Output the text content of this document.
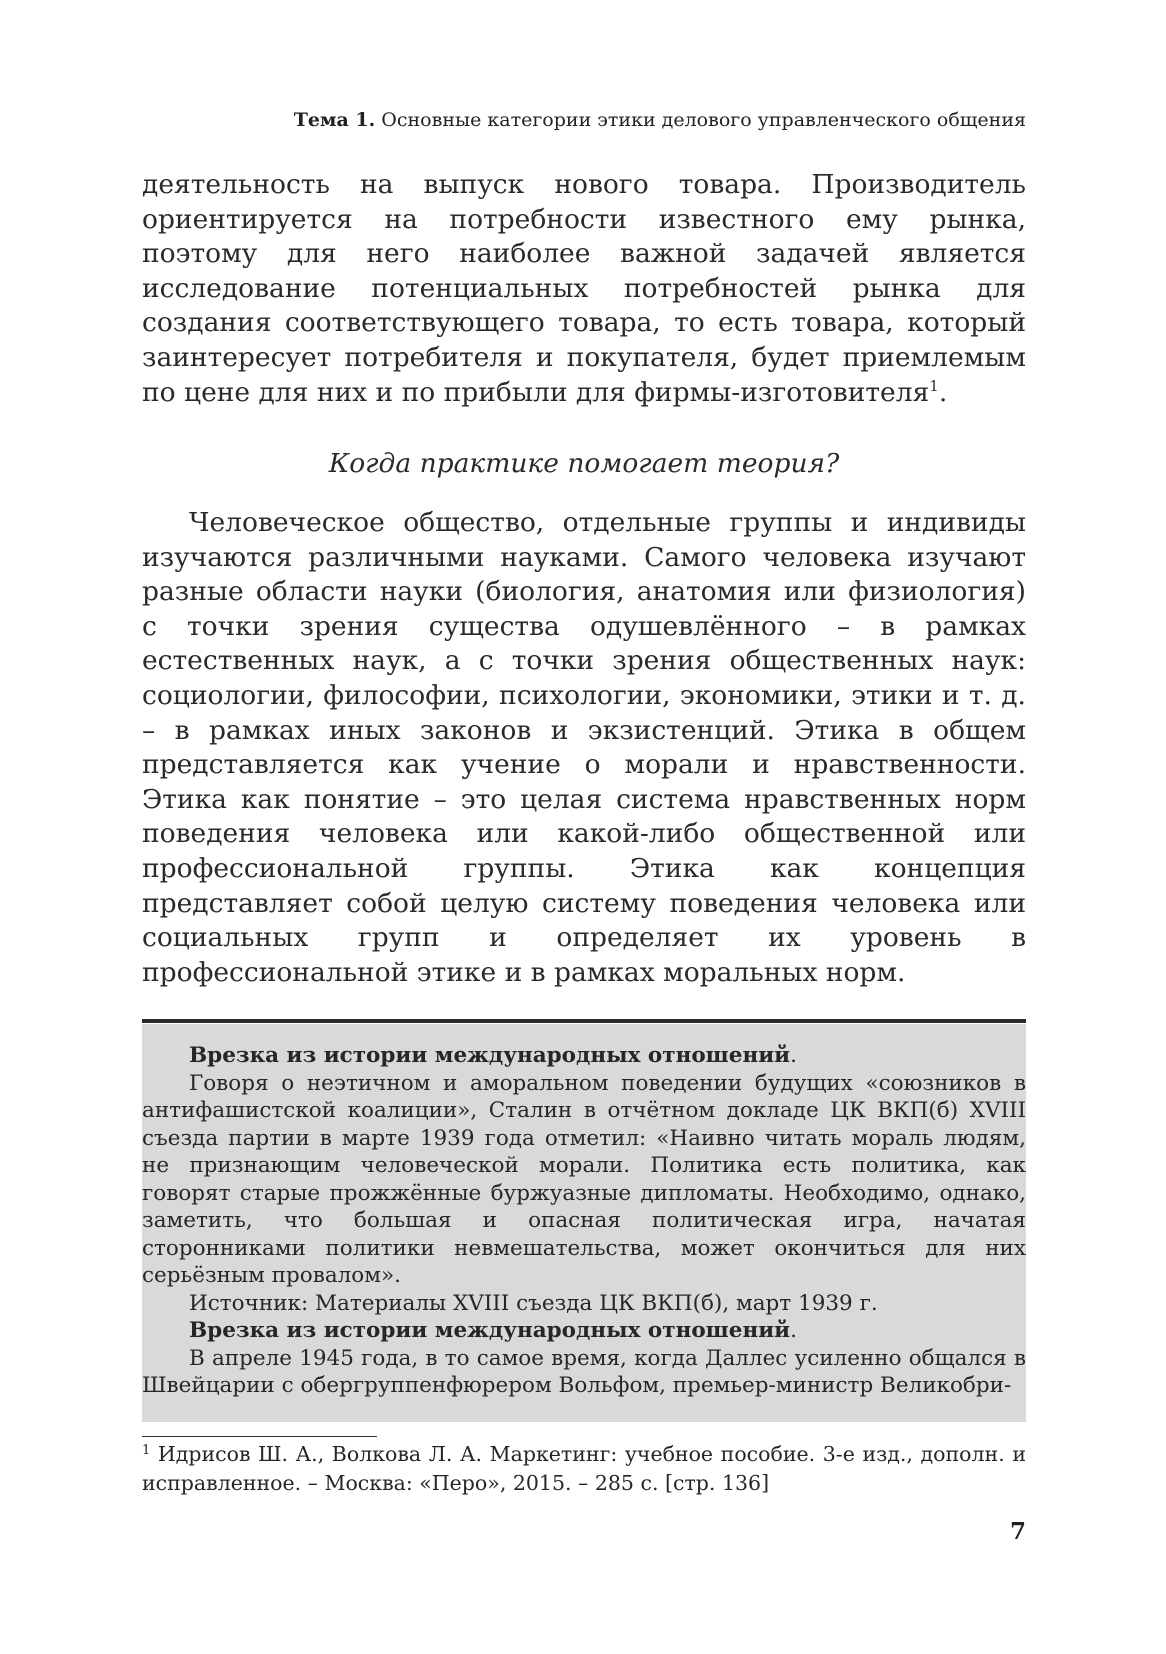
Тема 1. Основные категории этики делового управленческого общения

деятельность на выпуск нового товара. Производитель ориентируется на потребности известного ему рынка, поэтому для него наиболее важной задачей является исследование потенциальных потребностей рынка для создания соответствующего товара, то есть товара, который заинтересует потребителя и покупателя, будет приемлемым по цене для них и по прибыли для фирмы-изготовителя$^1$.

Когда практике помогает теория?

Человеческое общество, отдельные группы и индивиды изучаются различными науками. Самого человека изучают разные области науки (биология, анатомия или физиология) с точки зрения существа одушевлённого – в рамках естественных наук, а с точки зрения общественных наук: социологии, философии, психологии, экономики, этики и т. д. – в рамках иных законов и экзистенций. Этика в общем представляется как учение о морали и нравственности. Этика как понятие – это целая система нравственных норм поведения человека или какой-либо общественной или профессиональной группы. Этика как концепция представляет собой целую систему поведения человека или социальных групп и определяет их уровень в профессиональной этике и в рамках моральных норм.

Врезка из истории международных отношений.

Говоря о неэтичном и аморальном поведении будущих «союзников в антифашистской коалиции», Сталин в отчётном докладе ЦК ВКП(б) XVIII съезда партии в марте 1939 года отметил: «Наивно читать мораль людям, не признающим человеческой морали. Политика есть политика, как говорят старые прожжённые буржуазные дипломаты. Необходимо, однако, заметить, что большая и опасная политическая игра, начатая сторонниками политики невмешательства, может окончиться для них серьёзным провалом».

Источник: Материалы XVIII съезда ЦК ВКП(б), март 1939 г.

Врезка из истории международных отношений.

В апреле 1945 года, в то самое время, когда Даллес усиленно общался в Швейцарии с обергруппенфюрером Вольфом, премьер-министр Великобри-

$^1$ Идрисов Ш. А., Волкова Л. А. Маркетинг: учебное пособие. 3-е изд., дополн. и исправленное. – Москва: «Перо», 2015. – 285 с. [стр. 136]
7
